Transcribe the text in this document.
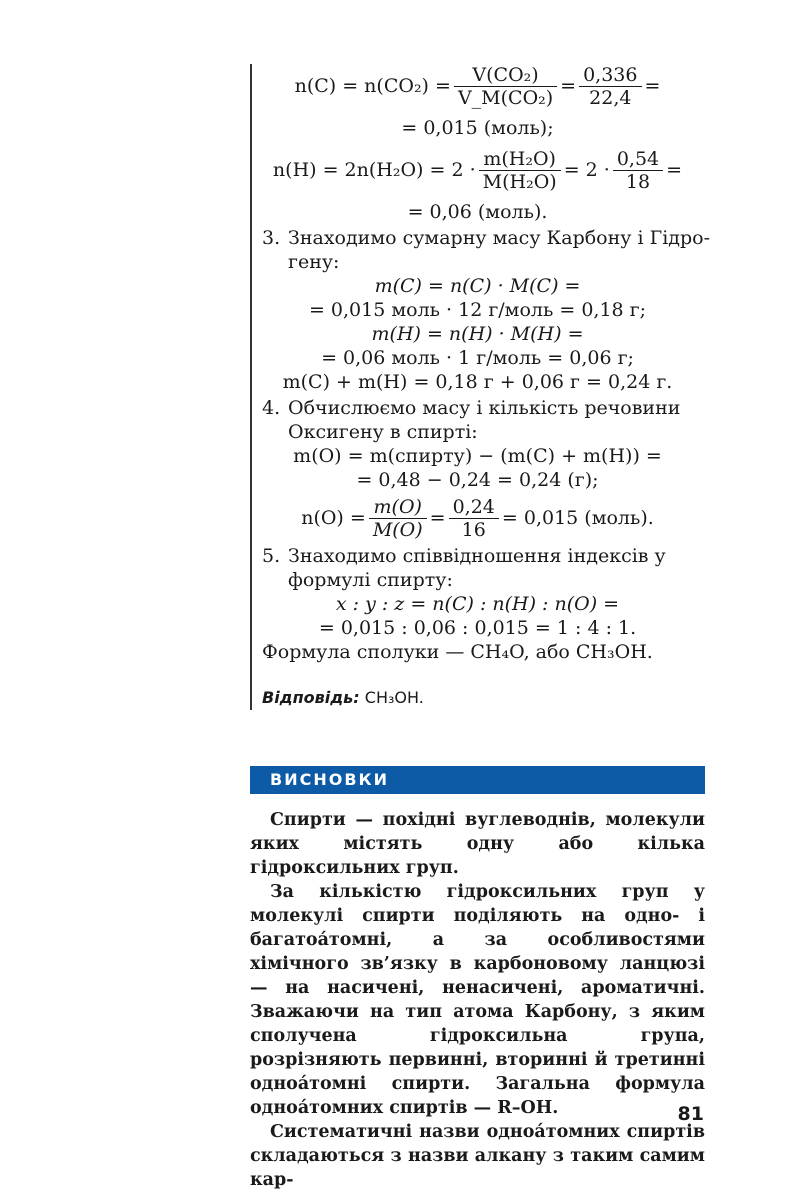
$n(C) = n(CO_2) = \frac{\text{V(CO₂)}}{\text{V\_M(CO₂)}} = \frac{0,336}{22,4}$ =
= 0,015 (моль);
$n(H) = 2n(H_2O) = 2 \cdot \frac{\text{m(H₂O)}}{\text{M(H₂O)}} = 2 \cdot \frac{0,54}{18}$ =
= 0,06 (моль).
3. Знаходимо сумарну масу Карбону і Гідро-
гену:
m(C) = n(C) · M(C) =
= 0,015 моль · 12 г/моль = 0,18 г;
m(H) = n(H) · M(H) =
= 0,06 моль · 1 г/моль = 0,06 г;
m(C) + m(H) = 0,18 г + 0,06 г = 0,24 г.
4. Обчислюємо масу і кількість речовини
Оксигену в спирті:
m(O) = m(спирту) − (m(C) + m(H)) =
= 0,48 − 0,24 = 0,24 (г);
$n(O) = \frac{m(O)}{M(O)} = \frac{0,24}{16} = 0,015$ (моль).
5. Знаходимо співвідношення індексів у
формулі спирту:
x : y : z = n(C) : n(H) : n(O) =
= 0,015 : 0,06 : 0,015 = 1 : 4 : 1.
Формула сполуки — CH₄O, або CH₃OH.
Відповідь: CH₃OH.
ВИСНОВКИ

Спирти — похідні вуглеводнів, молекули яких містять одну або кілька гідроксильних груп.

За кількістю гідроксильних груп у молекулі спирти поділяють на одно- і багатоáтомні, а за особливостями хімічного зв’язку в карбоновому ланцюзі — на насичені, ненасичені, ароматичні. Зважаючи на тип атома Карбону, з яким сполучена гідроксильна група, розрізняють первинні, вторинні й третинні одноáтомні спирти. Загальна формула одноáтомних спиртів — R–OH.

Систематичні назви одноáтомних спиртів складаються з назви алкану з таким самим кар-

81
